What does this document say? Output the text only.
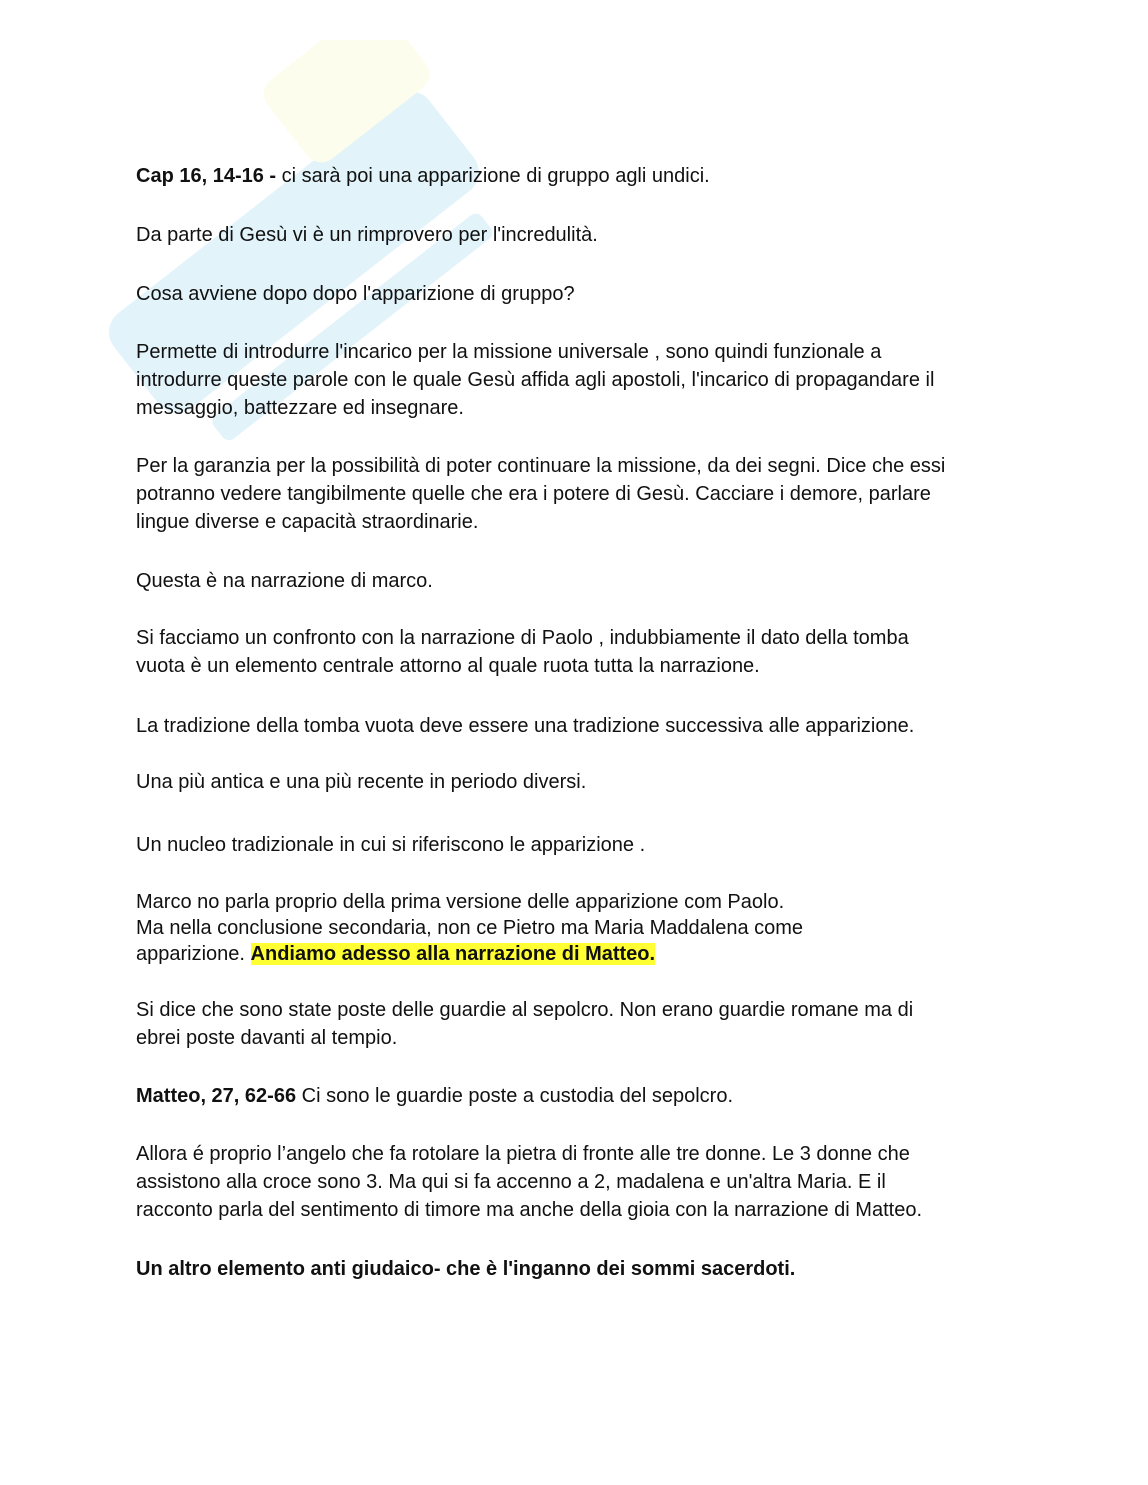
Cap 16, 14-16 - ci sarà poi una apparizione di gruppo agli undici.

Da parte di Gesù vi è un rimprovero per l'incredulità.

Cosa avviene dopo dopo l'apparizione di gruppo?

Permette di introdurre l'incarico per la missione universale , sono quindi funzionale a
introdurre queste parole con le quale Gesù affida agli apostoli, l'incarico di propagandare il
messaggio, battezzare ed insegnare.
Per la garanzia per la possibilità di poter continuare la missione, da dei segni. Dice che essi
potranno vedere tangibilmente quelle che era i potere di Gesù. Cacciare i demore, parlare
lingue diverse e capacità straordinarie.

Questa è na narrazione di marco.

Si facciamo un confronto con la narrazione di Paolo , indubbiamente il dato della tomba
vuota è un elemento centrale attorno al quale ruota tutta la narrazione.

La tradizione della tomba vuota deve essere una tradizione successiva alle apparizione.

Una più antica e una più recente in periodo diversi.

Un nucleo tradizionale in cui si riferiscono le apparizione .

Marco no parla proprio della prima versione delle apparizione com Paolo.
Ma nella conclusione secondaria, non ce Pietro ma Maria Maddalena come
apparizione. Andiamo adesso alla narrazione di Matteo.
Si dice che sono state poste delle guardie al sepolcro. Non erano guardie romane ma di
ebrei poste davanti al tempio.

Matteo, 27, 62-66 Ci sono le guardie poste a custodia del sepolcro.

Allora é proprio l’angelo che fa rotolare la pietra di fronte alle tre donne. Le 3 donne che
assistono alla croce sono 3. Ma qui si fa accenno a 2, madalena e un'altra Maria. E il
racconto parla del sentimento di timore ma anche della gioia con la narrazione di Matteo.

Un altro elemento anti giudaico- che è l'inganno dei sommi sacerdoti.
